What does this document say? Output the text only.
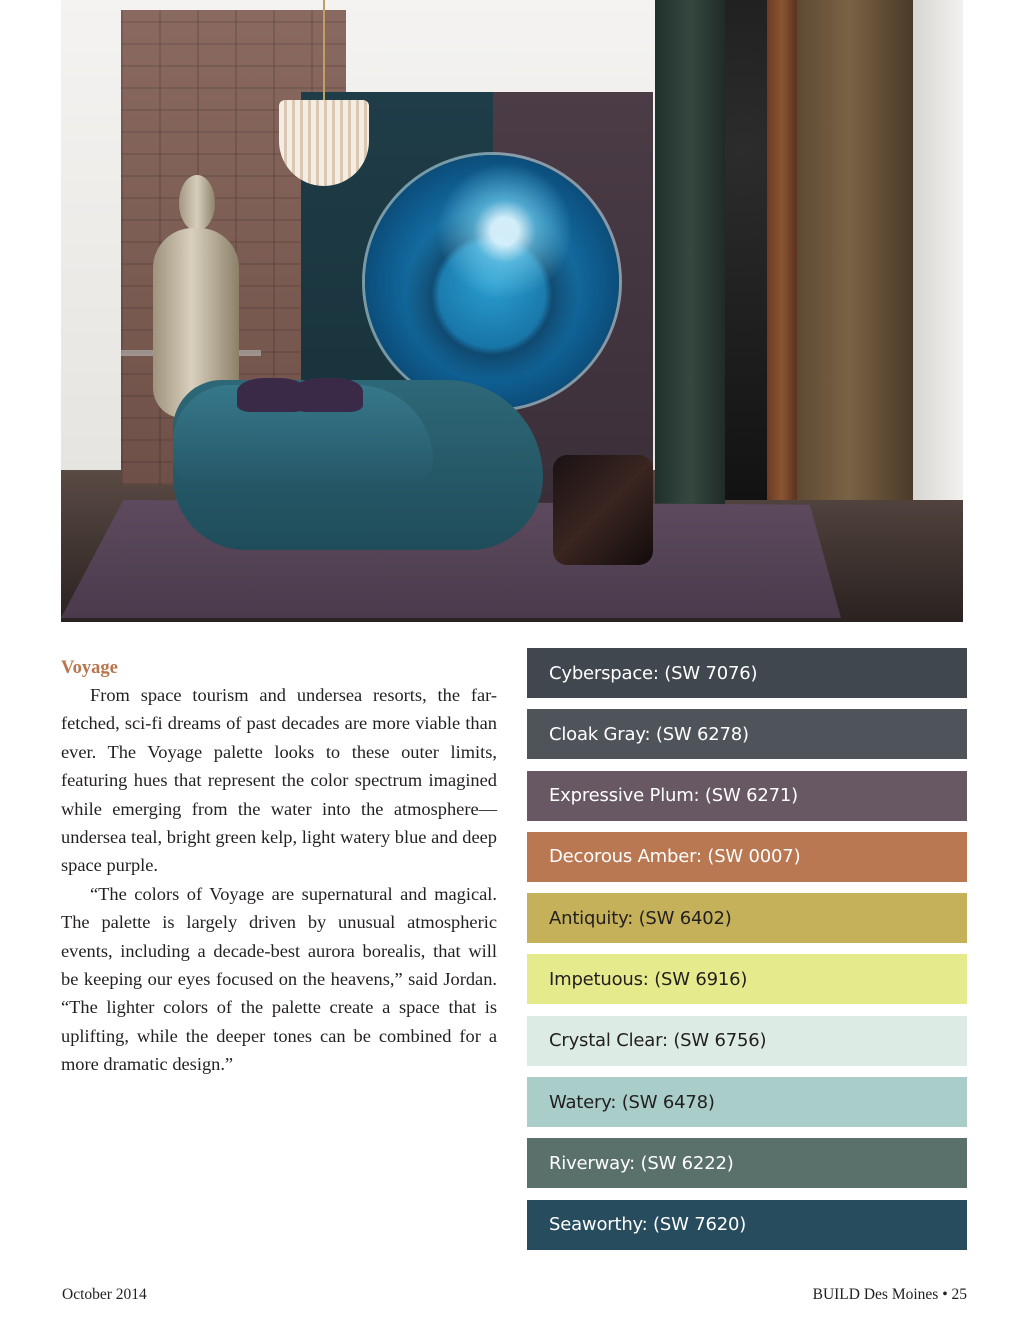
Voyage

From space tourism and undersea resorts, the far-fetched, sci-fi dreams of past decades are more viable than ever. The Voyage palette looks to these outer limits, featuring hues that represent the color spectrum imagined while emerging from the water into the atmosphere—undersea teal, bright green kelp, light watery blue and deep space purple.

“The colors of Voyage are supernatural and magical. The palette is largely driven by unusual atmospheric events, including a decade-best aurora borealis, that will be keeping our eyes focused on the heavens,” said Jordan. “The lighter colors of the palette create a space that is uplifting, while the deeper tones can be combined for a more dramatic design.”

Cyberspace: (SW 7076)
Cloak Gray: (SW 6278)
Expressive Plum: (SW 6271)
Decorous Amber: (SW 0007)
Antiquity: (SW 6402)
Impetuous: (SW 6916)
Crystal Clear: (SW 6756)
Watery: (SW 6478)
Riverway: (SW 6222)
Seaworthy: (SW 7620)
October 2014	BUILD Des Moines • 25
